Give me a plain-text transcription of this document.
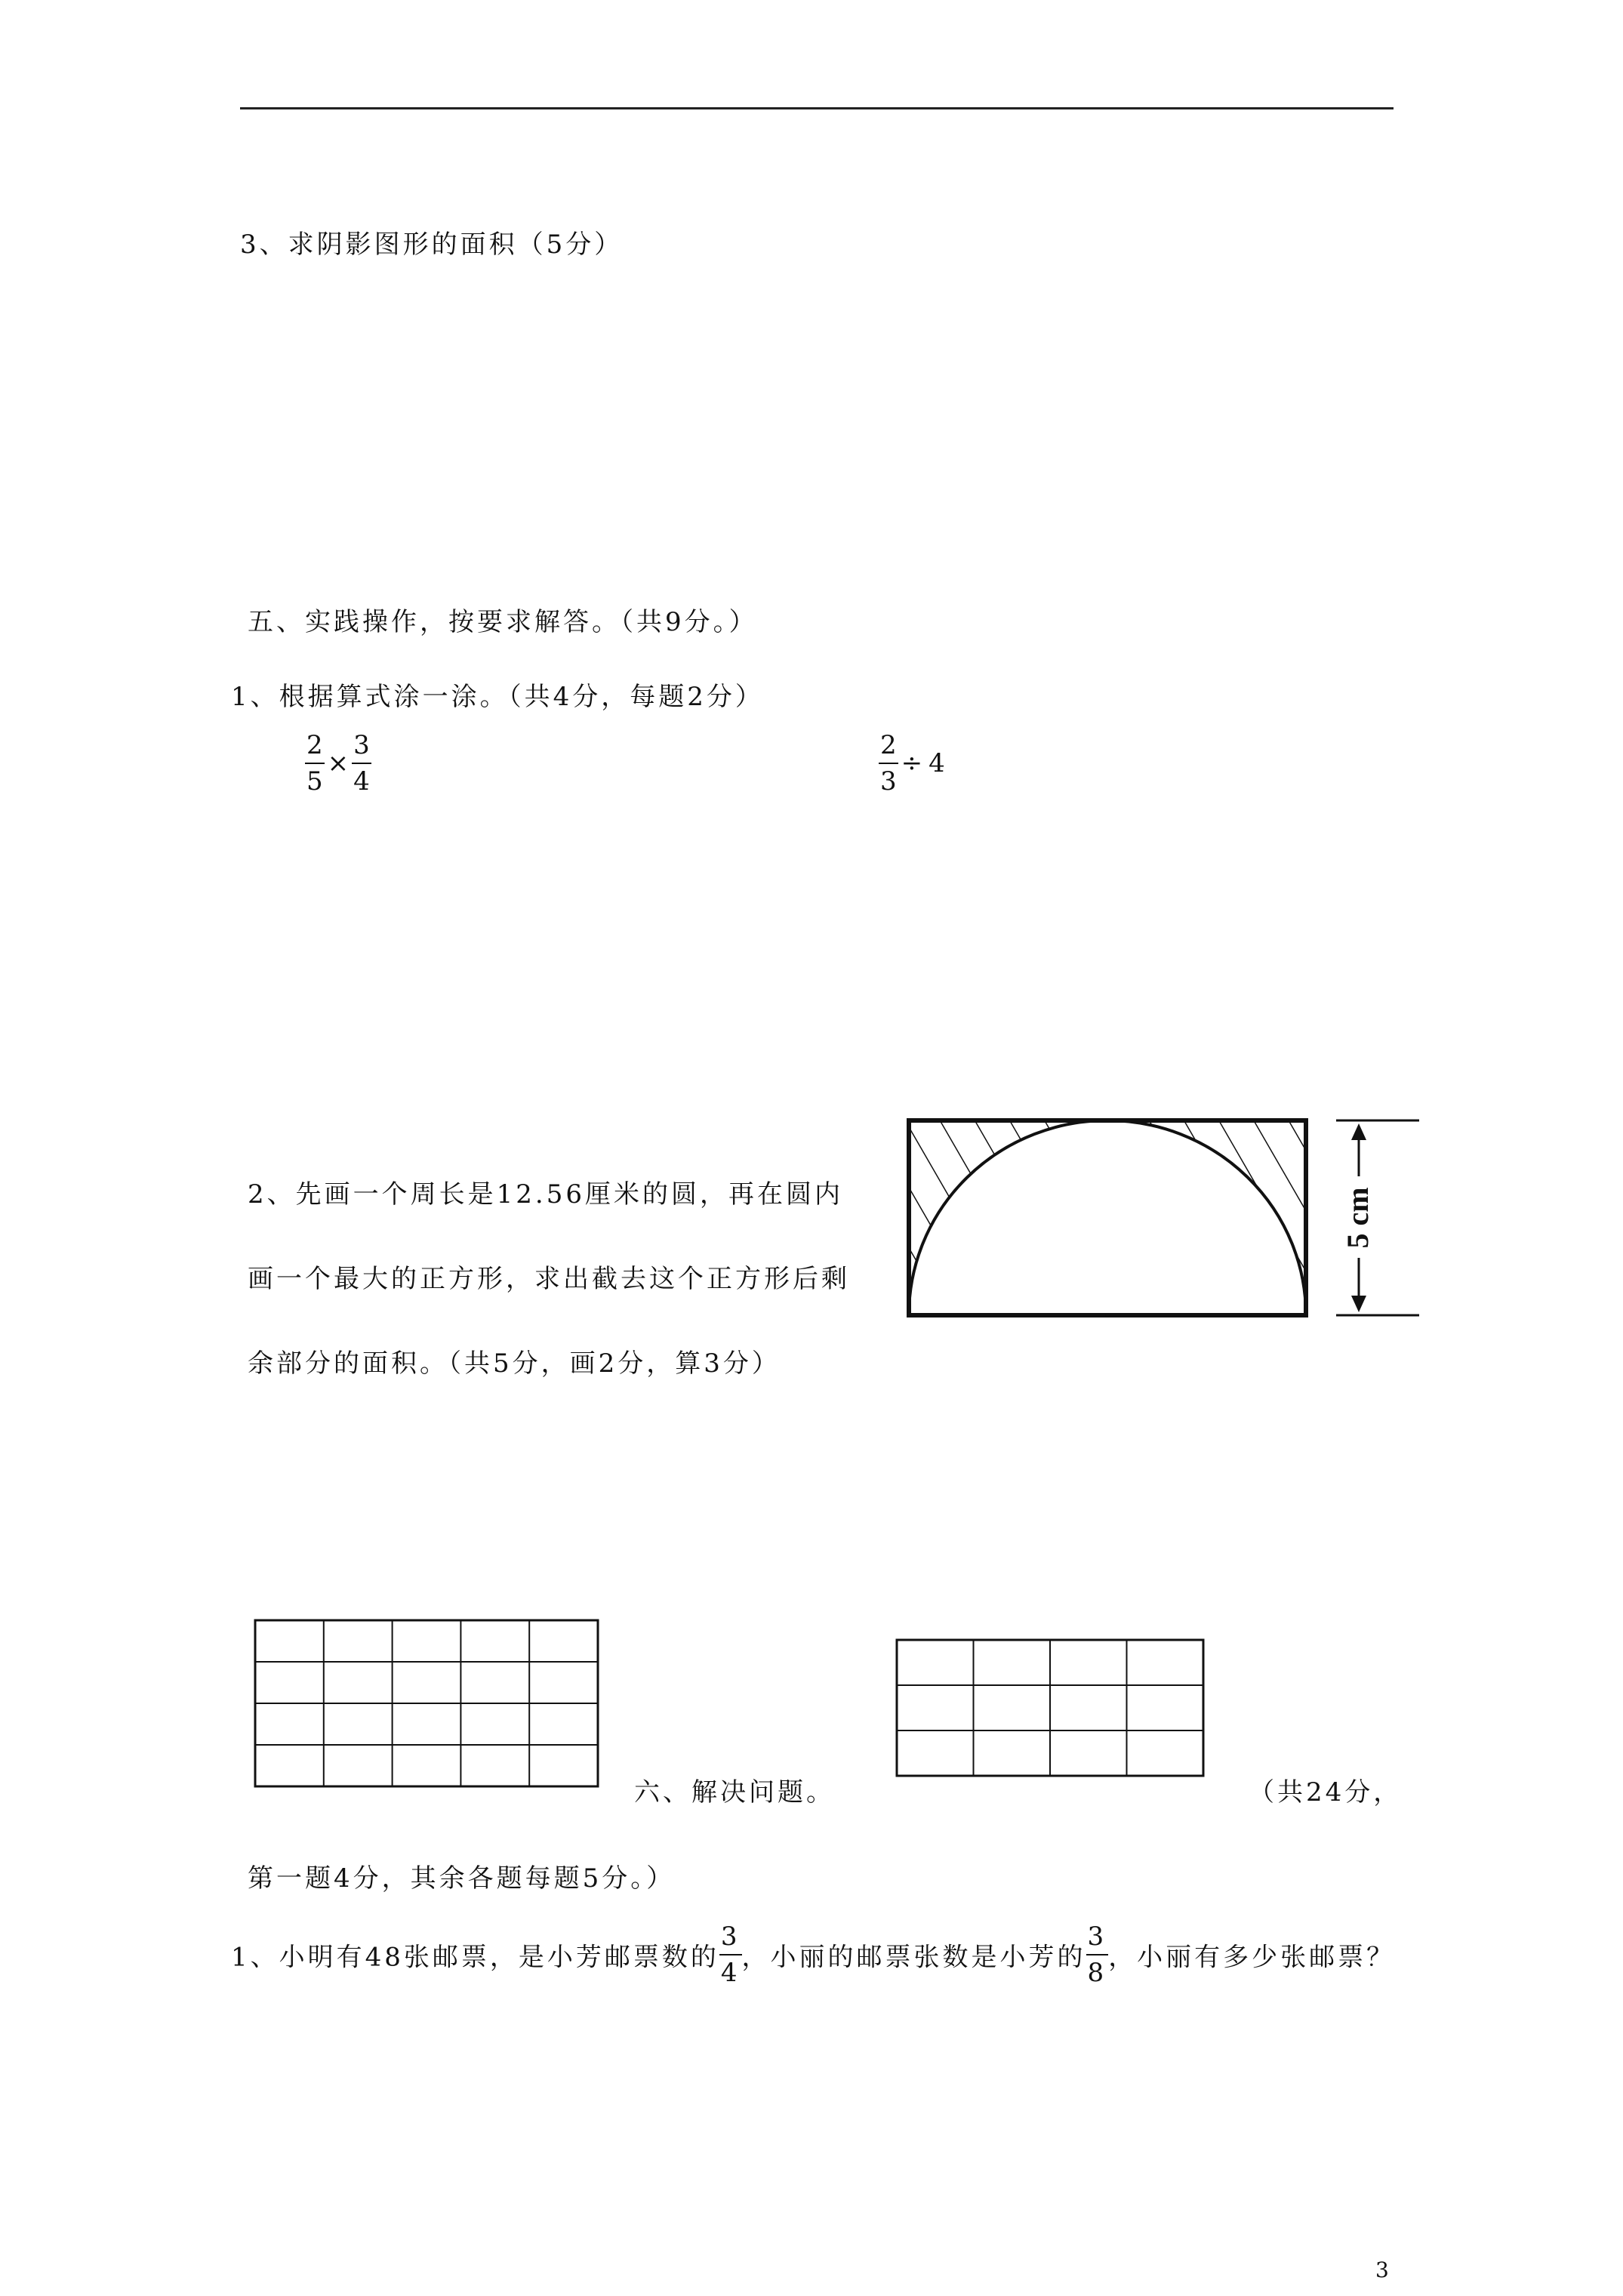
3、求阴影图形的面积（5分）
五、实践操作，按要求解答。（共9分。）
1、根据算式涂一涂。（共4分，每题2分）
$\frac{2}{5} \times \frac{3}{4}$	$\frac{2}{3} \div 4$
2、先画一个周长是12.56厘米的圆，再在圆内
画一个最大的正方形，求出截去这个正方形后剩
余部分的面积。（共5分，画2分，算3分）
5 cm
六、解决问题。	（共24分，
第一题4分，其余各题每题5分。）
1、小明有48张邮票，是小芳邮票数的 $\frac{3}{4}$ ，小丽的邮票张数是小芳的 $\frac{3}{8}$ ，小丽有多少张邮票？
3
